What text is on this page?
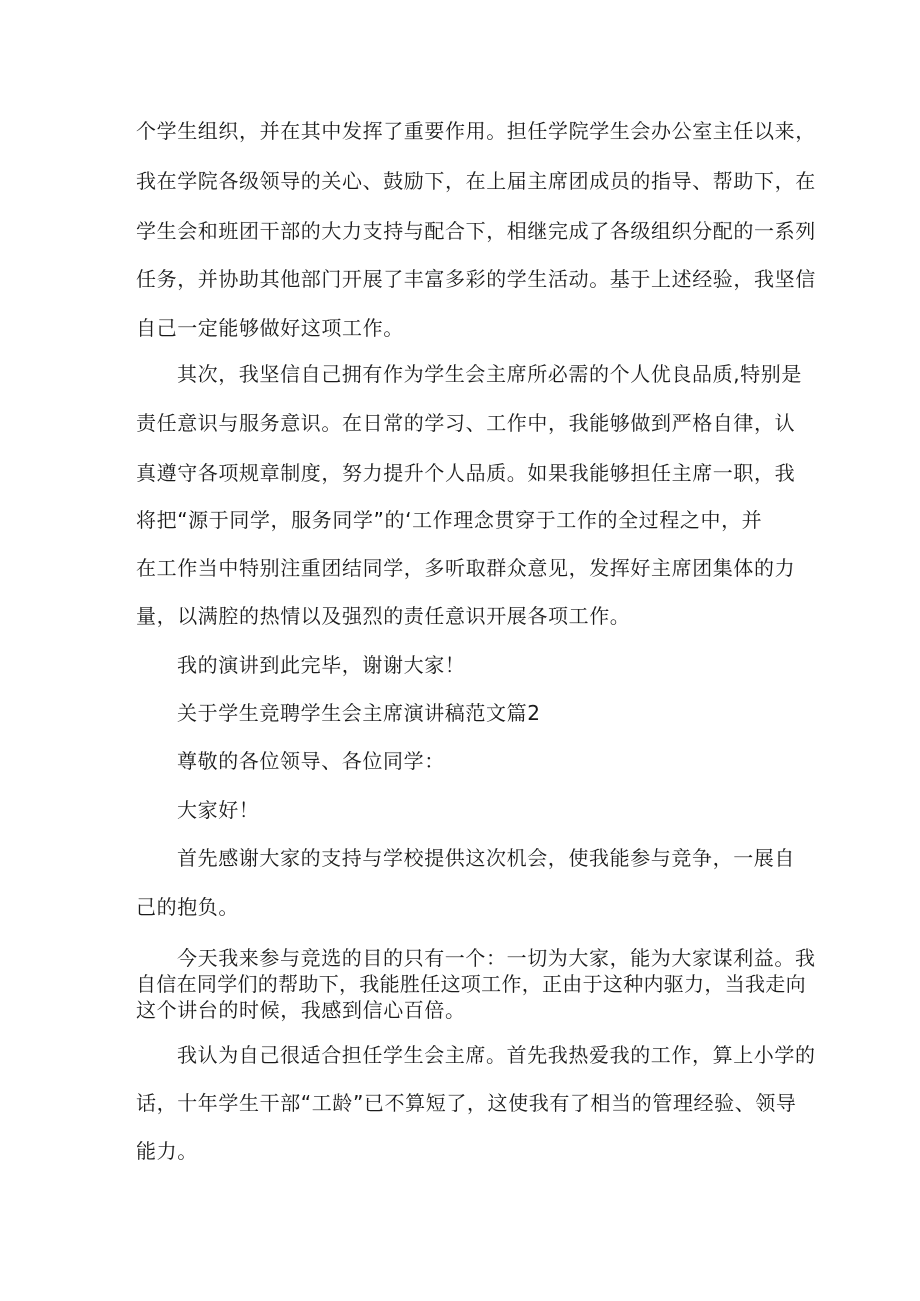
个学生组织，并在其中发挥了重要作用。担任学院学生会办公室主任以来，
我在学院各级领导的关心、鼓励下，在上届主席团成员的指导、帮助下，在
学生会和班团干部的大力支持与配合下，相继完成了各级组织分配的一系列
任务，并协助其他部门开展了丰富多彩的学生活动。基于上述经验，我坚信
自己一定能够做好这项工作。
其次，我坚信自己拥有作为学生会主席所必需的个人优良品质,特别是
责任意识与服务意识。在日常的学习、工作中，我能够做到严格自律，认
真遵守各项规章制度，努力提升个人品质。如果我能够担任主席一职，我
将把“源于同学，服务同学”的‘工作理念贯穿于工作的全过程之中，并
在工作当中特别注重团结同学，多听取群众意见，发挥好主席团集体的力
量，以满腔的热情以及强烈的责任意识开展各项工作。
我的演讲到此完毕，谢谢大家！
关于学生竞聘学生会主席演讲稿范文篇2
尊敬的各位领导、各位同学：
大家好！
首先感谢大家的支持与学校提供这次机会，使我能参与竞争，一展自
己的抱负。
今天我来参与竞选的目的只有一个：一切为大家，能为大家谋利益。我
自信在同学们的帮助下，我能胜任这项工作，正由于这种内驱力，当我走向
这个讲台的时候，我感到信心百倍。
我认为自己很适合担任学生会主席。首先我热爱我的工作，算上小学的
话，十年学生干部“工龄”已不算短了，这使我有了相当的管理经验、领导
能力。
